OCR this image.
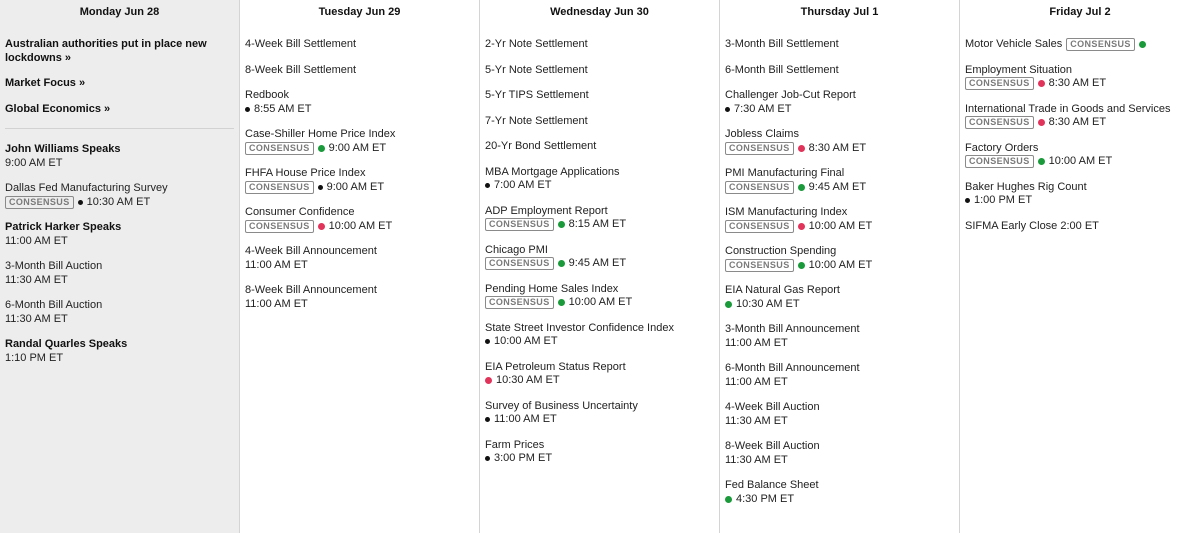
Monday Jun 28
Australian authorities put in place new lockdowns »
Market Focus »
Global Economics »
John Williams Speaks
9:00 AM ET
Dallas Fed Manufacturing Survey
CONSENSUS	10:30 AM ET
Patrick Harker Speaks
11:00 AM ET
3-Month Bill Auction
11:30 AM ET
6-Month Bill Auction
11:30 AM ET
Randal Quarles Speaks
1:10 PM ET
Tuesday Jun 29
4-Week Bill Settlement
8-Week Bill Settlement
Redbook
8:55 AM ET
Case-Shiller Home Price Index
CONSENSUS	9:00 AM ET
FHFA House Price Index
CONSENSUS	9:00 AM ET
Consumer Confidence
CONSENSUS	10:00 AM ET
4-Week Bill Announcement
11:00 AM ET
8-Week Bill Announcement
11:00 AM ET
Wednesday Jun 30
2-Yr Note Settlement
5-Yr Note Settlement
5-Yr TIPS Settlement
7-Yr Note Settlement
20-Yr Bond Settlement
MBA Mortgage Applications
7:00 AM ET
ADP Employment Report
CONSENSUS	8:15 AM ET
Chicago PMI
CONSENSUS	9:45 AM ET
Pending Home Sales Index
CONSENSUS	10:00 AM ET
State Street Investor Confidence Index
10:00 AM ET
EIA Petroleum Status Report
10:30 AM ET
Survey of Business Uncertainty
11:00 AM ET
Farm Prices
3:00 PM ET
Thursday Jul 1
3-Month Bill Settlement
6-Month Bill Settlement
Challenger Job-Cut Report
7:30 AM ET
Jobless Claims
CONSENSUS	8:30 AM ET
PMI Manufacturing Final
CONSENSUS	9:45 AM ET
ISM Manufacturing Index
CONSENSUS	10:00 AM ET
Construction Spending
CONSENSUS	10:00 AM ET
EIA Natural Gas Report
10:30 AM ET
3-Month Bill Announcement
11:00 AM ET
6-Month Bill Announcement
11:00 AM ET
4-Week Bill Auction
11:30 AM ET
8-Week Bill Auction
11:30 AM ET
Fed Balance Sheet
4:30 PM ET
Friday Jul 2
Motor Vehicle Sales CONSENSUS
Employment Situation
CONSENSUS	8:30 AM ET
International Trade in Goods and Services
CONSENSUS	8:30 AM ET
Factory Orders
CONSENSUS	10:00 AM ET
Baker Hughes Rig Count
1:00 PM ET
SIFMA Early Close 2:00 ET
